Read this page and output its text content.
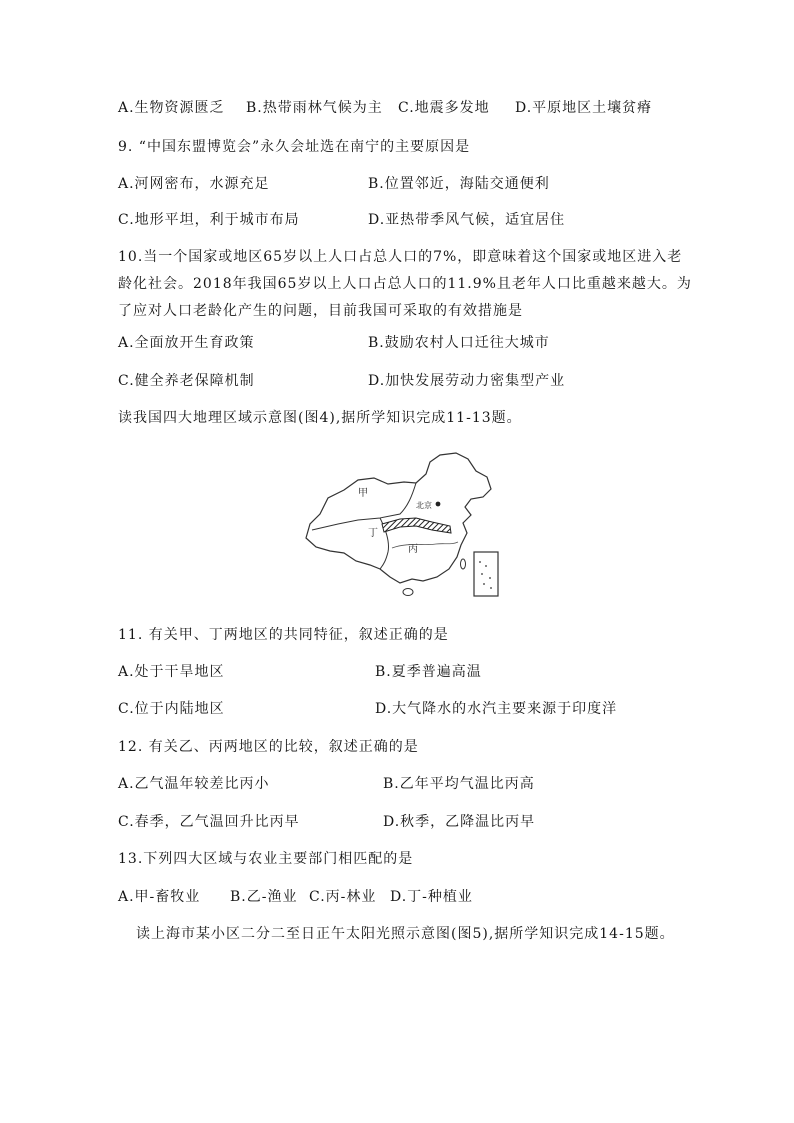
A.生物资源匮乏 B.热带雨林气候为主 C.地震多发地 D.平原地区土壤贫瘠
9. “中国东盟博览会”永久会址选在南宁的主要原因是
A.河网密布，水源充足	B.位置邻近，海陆交通便利
C.地形平坦，利于城市布局	D.亚热带季风气候，适宜居住
10.当一个国家或地区65岁以上人口占总人口的7%，即意味着这个国家或地区进入老
龄化社会。2018年我国65岁以上人口占总人口的11.9%且老年人口比重越来越大。为
了应对人口老龄化产生的问题，目前我国可采取的有效措施是
A.全面放开生育政策	B.鼓励农村人口迁往大城市
C.健全养老保障机制	D.加快发展劳动力密集型产业
读我国四大地理区域示意图(图4),据所学知识完成11-13题。
甲
北京
丁
丙
11. 有关甲、丁两地区的共同特征，叙述正确的是
A.处于干旱地区	B.夏季普遍高温
C.位于内陆地区	D.大气降水的水汽主要来源于印度洋
12. 有关乙、丙两地区的比较，叙述正确的是
A.乙气温年较差比丙小	B.乙年平均气温比丙高
C.春季，乙气温回升比丙早	D.秋季，乙降温比丙早
13.下列四大区域与农业主要部门相匹配的是
A.甲-畜牧业 B.乙-渔业 C.丙-林业 D.丁-种植业
读上海市某小区二分二至日正午太阳光照示意图(图5),据所学知识完成14-15题。
